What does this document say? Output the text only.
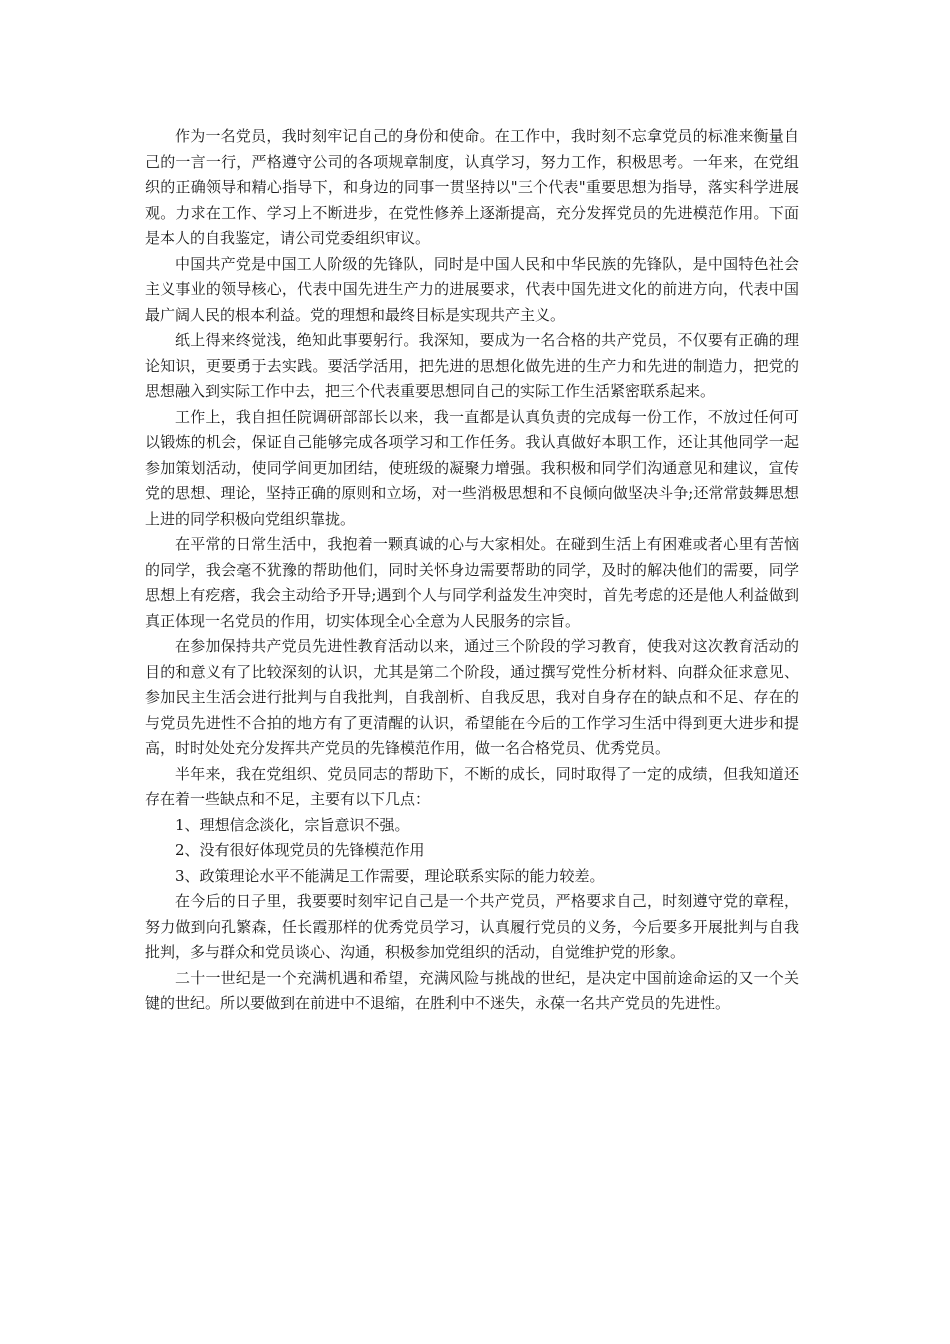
作为一名党员，我时刻牢记自己的身份和使命。在工作中，我时刻不忘拿党员的标准来衡量自己的一言一行，严格遵守公司的各项规章制度，认真学习，努力工作，积极思考。一年来，在党组织的正确领导和精心指导下，和身边的同事一贯坚持以"三个代表"重要思想为指导，落实科学进展观。力求在工作、学习上不断进步，在党性修养上逐渐提高，充分发挥党员的先进模范作用。下面是本人的自我鉴定，请公司党委组织审议。

中国共产党是中国工人阶级的先锋队，同时是中国人民和中华民族的先锋队，是中国特色社会主义事业的领导核心，代表中国先进生产力的进展要求，代表中国先进文化的前进方向，代表中国最广阔人民的根本利益。党的理想和最终目标是实现共产主义。

纸上得来终觉浅，绝知此事要躬行。我深知，要成为一名合格的共产党员，不仅要有正确的理论知识，更要勇于去实践。要活学活用，把先进的思想化做先进的生产力和先进的制造力，把党的思想融入到实际工作中去，把三个代表重要思想同自己的实际工作生活紧密联系起来。

工作上，我自担任院调研部部长以来，我一直都是认真负责的完成每一份工作，不放过任何可以锻炼的机会，保证自己能够完成各项学习和工作任务。我认真做好本职工作，还让其他同学一起参加策划活动，使同学间更加团结，使班级的凝聚力增强。我积极和同学们沟通意见和建议，宣传党的思想、理论，坚持正确的原则和立场，对一些消极思想和不良倾向做坚决斗争;还常常鼓舞思想上进的同学积极向党组织靠拢。

在平常的日常生活中，我抱着一颗真诚的心与大家相处。在碰到生活上有困难或者心里有苦恼的同学，我会毫不犹豫的帮助他们，同时关怀身边需要帮助的同学，及时的解决他们的需要，同学思想上有疙瘩，我会主动给予开导;遇到个人与同学利益发生冲突时，首先考虑的还是他人利益做到真正体现一名党员的作用，切实体现全心全意为人民服务的宗旨。

在参加保持共产党员先进性教育活动以来，通过三个阶段的学习教育，使我对这次教育活动的目的和意义有了比较深刻的认识，尤其是第二个阶段，通过撰写党性分析材料、向群众征求意见、参加民主生活会进行批判与自我批判，自我剖析、自我反思，我对自身存在的缺点和不足、存在的与党员先进性不合拍的地方有了更清醒的认识，希望能在今后的工作学习生活中得到更大进步和提高，时时处处充分发挥共产党员的先锋模范作用，做一名合格党员、优秀党员。

半年来，我在党组织、党员同志的帮助下，不断的成长，同时取得了一定的成绩，但我知道还存在着一些缺点和不足，主要有以下几点：

1、理想信念淡化，宗旨意识不强。

2、没有很好体现党员的先锋模范作用

3、政策理论水平不能满足工作需要，理论联系实际的能力较差。

在今后的日子里，我要要时刻牢记自己是一个共产党员，严格要求自己，时刻遵守党的章程，努力做到向孔繁森，任长霞那样的优秀党员学习，认真履行党员的义务，今后要多开展批判与自我批判，多与群众和党员谈心、沟通，积极参加党组织的活动，自觉维护党的形象。

二十一世纪是一个充满机遇和希望，充满风险与挑战的世纪，是决定中国前途命运的又一个关键的世纪。所以要做到在前进中不退缩，在胜利中不迷失，永葆一名共产党员的先进性。
